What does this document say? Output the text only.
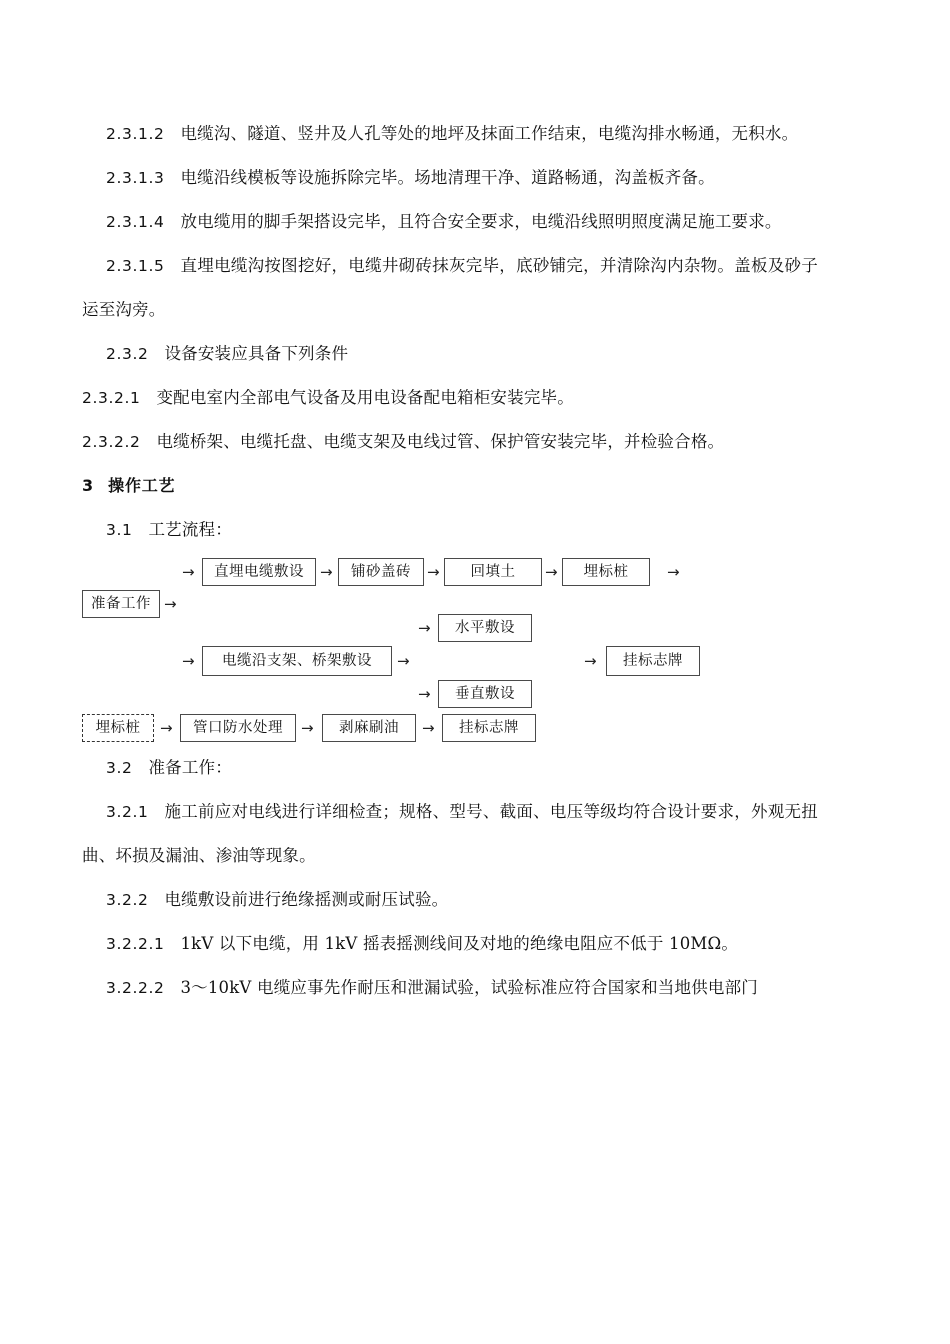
2.3.1.2 电缆沟、隧道、竖井及人孔等处的地坪及抹面工作结束，电缆沟排水畅通，无积水。

2.3.1.3 电缆沿线模板等设施拆除完毕。场地清理干净、道路畅通，沟盖板齐备。

2.3.1.4 放电缆用的脚手架搭设完毕，且符合安全要求，电缆沿线照明照度满足施工要求。

2.3.1.5 直埋电缆沟按图挖好，电缆井砌砖抹灰完毕，底砂铺完，并清除沟内杂物。盖板及砂子运至沟旁。

2.3.2 设备安装应具备下列条件

2.3.2.1 变配电室内全部电气设备及用电设备配电箱柜安装完毕。

2.3.2.2 电缆桥架、电缆托盘、电缆支架及电线过管、保护管安装完毕，并检验合格。

3 操作工艺

3.1 工艺流程：

准备工作
直埋电缆敷设	铺砂盖砖	回填土	埋标桩
电缆沿支架、桥架敷设
水平敷设
垂直敷设
挂标志牌
埋标桩	管口防水处理	剥麻刷油	挂标志牌
→
→	→	→	→	→
→	→
→
→
→
→	→	→

3.2 准备工作：

3.2.1 施工前应对电线进行详细检查；规格、型号、截面、电压等级均符合设计要求，外观无扭曲、坏损及漏油、渗油等现象。

3.2.2 电缆敷设前进行绝缘摇测或耐压试验。

3.2.2.1 1kV 以下电缆，用 1kV 摇表摇测线间及对地的绝缘电阻应不低于 10MΩ。

3.2.2.2 3～10kV 电缆应事先作耐压和泄漏试验，试验标准应符合国家和当地供电部门
